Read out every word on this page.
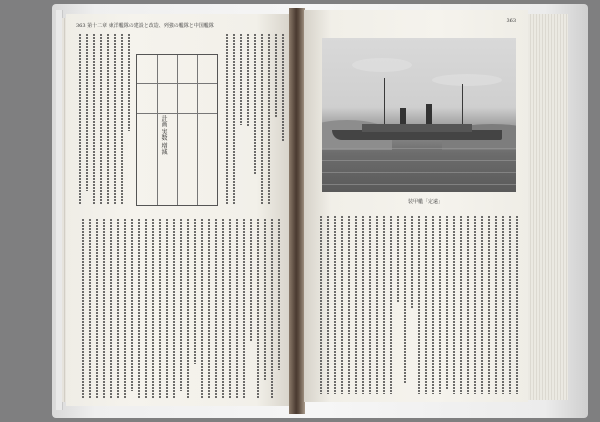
363 第十二章 東洋艦隊の建設と改造、列強の艦隊と中国艦隊
計画 実数 増減
363
装甲艦「定遠」
